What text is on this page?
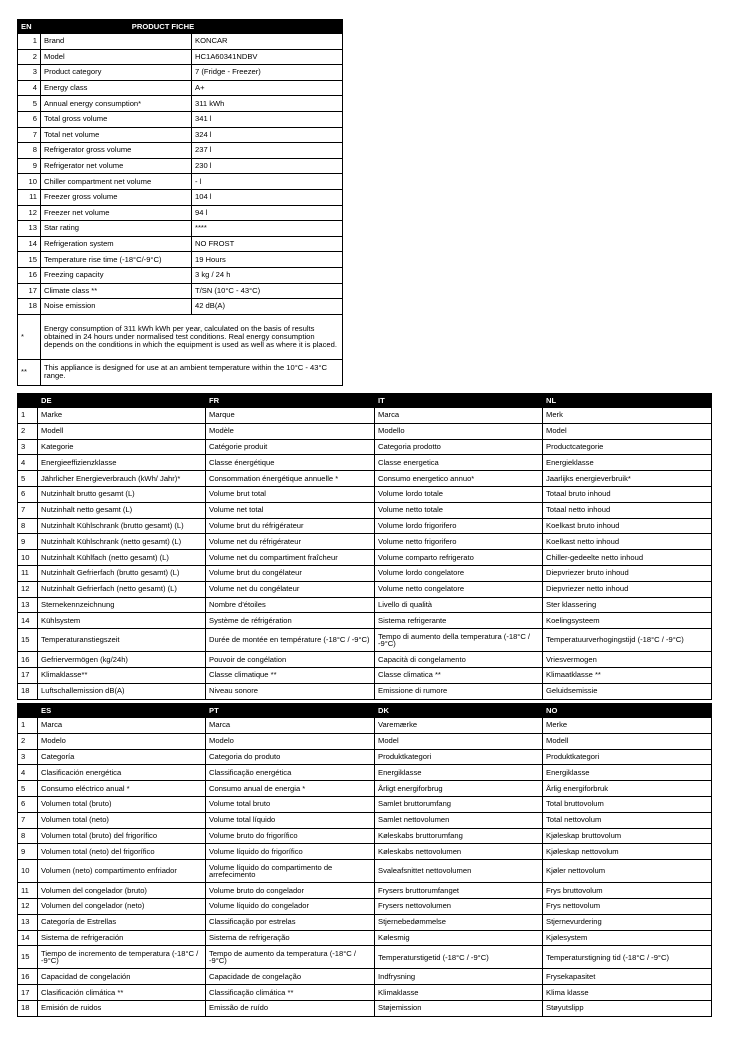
EN	PRODUCT FICHE	
1	Brand	KONCAR
2	Model	HC1A60341NDBV
3	Product category	7 (Fridge - Freezer)
4	Energy class	A+
5	Annual energy consumption*	311 kWh
6	Total gross volume	341 l
7	Total net volume	324 l
8	Refrigerator gross volume	237 l
9	Refrigerator net volume	230 l
10	Chiller compartment net volume	- l
11	Freezer gross volume	104 l
12	Freezer net volume	94 l
13	Star rating	****
14	Refrigeration system	NO FROST
15	Temperature rise time (-18°C/-9°C)	19 Hours
16	Freezing capacity	3 kg / 24 h
17	Climate class **	T/SN (10°C - 43°C)
18	Noise emission	42 dB(A)
*	Energy consumption of 311 kWh kWh per year, calculated on the basis of results obtained in 24 hours under normalised test conditions. Real energy consumption depends on the conditions in which the equipment is used as well as where it is placed.	
**	This appliance is designed for use at an ambient temperature within the 10°C - 43°C range.	
	DE	FR	IT	NL
1	Marke	Marque	Marca	Merk
2	Modell	Modèle	Modello	Model
3	Kategorie	Catégorie produit	Categoria prodotto	Productcategorie
4	Energieeffizienzklasse	Classe énergétique	Classe energetica	Energieklasse
5	Jährlicher Energieverbrauch (kWh/ Jahr)*	Consommation énergétique annuelle *	Consumo energetico annuo*	Jaarlijks energieverbruik*
6	Nutzinhalt brutto gesamt (L)	Volume brut total	Volume lordo totale	Totaal bruto inhoud
7	Nutzinhalt netto gesamt (L)	Volume net total	Volume netto totale	Totaal netto inhoud
8	Nutzinhalt Kühlschrank (brutto gesamt) (L)	Volume brut du réfrigérateur	Volume lordo frigorifero	Koelkast bruto inhoud
9	Nutzinhalt Kühlschrank (netto gesamt) (L)	Volume net du réfrigérateur	Volume netto frigorifero	Koelkast netto inhoud
10	Nutzinhalt Kühlfach (netto gesamt) (L)	Volume net du compartiment fraîcheur	Volume comparto refrigerato	Chiller-gedeelte netto inhoud
11	Nutzinhalt Gefrierfach (brutto gesamt) (L)	Volume brut du congélateur	Volume lordo congelatore	Diepvriezer bruto inhoud
12	Nutzinhalt Gefrierfach (netto gesamt) (L)	Volume net du congélateur	Volume netto congelatore	Diepvriezer netto inhoud
13	Sternekennzeichnung	Nombre d'étoiles	Livello di qualità	Ster klassering
14	Kühlsystem	Système de réfrigération	Sistema refrigerante	Koelingsysteem
15	Temperaturanstiegszeit	Durée de montée en température (-18°C / -9°C)	Tempo di aumento della temperatura (-18°C / -9°C)	Temperatuurverhogingstijd (-18°C / -9°C)
16	Gefriervermögen (kg/24h)	Pouvoir de congélation	Capacità di congelamento	Vriesvermogen
17	Klimaklasse**	Classe climatique **	Classe climatica **	Klimaatklasse **
18	Luftschallemission dB(A)	Niveau sonore	Emissione di rumore	Geluidsemissie
	ES	PT	DK	NO
1	Marca	Marca	Varemærke	Merke
2	Modelo	Modelo	Model	Modell
3	Categoría	Categoria do produto	Produktkategori	Produktkategori
4	Clasificación energética	Classificação energética	Energiklasse	Energiklasse
5	Consumo eléctrico anual *	Consumo anual de energia *	Årligt energiforbrug	Årlig energiforbruk
6	Volumen total (bruto)	Volume total bruto	Samlet bruttorumfang	Total bruttovolum
7	Volumen total (neto)	Volume total líquido	Samlet nettovolumen	Total nettovolum
8	Volumen total (bruto) del frigorífico	Volume bruto do frigorífico	Køleskabs bruttorumfang	Kjøleskap bruttovolum
9	Volumen total (neto) del frigorífico	Volume líquido do frigorífico	Køleskabs nettovolumen	Kjøleskap nettovolum
10	Volumen (neto) compartimento enfriador	Volume líquido do compartimento de arrefecimento	Svaleafsnittet nettovolumen	Kjøler nettovolum
11	Volumen del congelador (bruto)	Volume bruto do congelador	Frysers bruttorumfanget	Frys bruttovolum
12	Volumen del congelador (neto)	Volume líquido do congelador	Frysers nettovolumen	Frys nettovolum
13	Categoría de Estrellas	Classificação por estrelas	Stjernebedømmelse	Stjernevurdering
14	Sistema de refrigeración	Sistema de refrigeração	Kølesmig	Kjølesystem
15	Tiempo de incremento de temperatura (-18°C / -9°C)	Tempo de aumento da temperatura (-18°C / -9°C)	Temperaturstigetid (-18°C / -9°C)	Temperaturstigning tid (-18°C / -9°C)
16	Capacidad de congelación	Capacidade de congelação	Indfrysning	Frysekapasitet
17	Clasificación climática **	Classificação climática **	Klimaklasse	Klima klasse
18	Emisión de ruidos	Emissão de ruído	Støjemission	Støyutslipp
